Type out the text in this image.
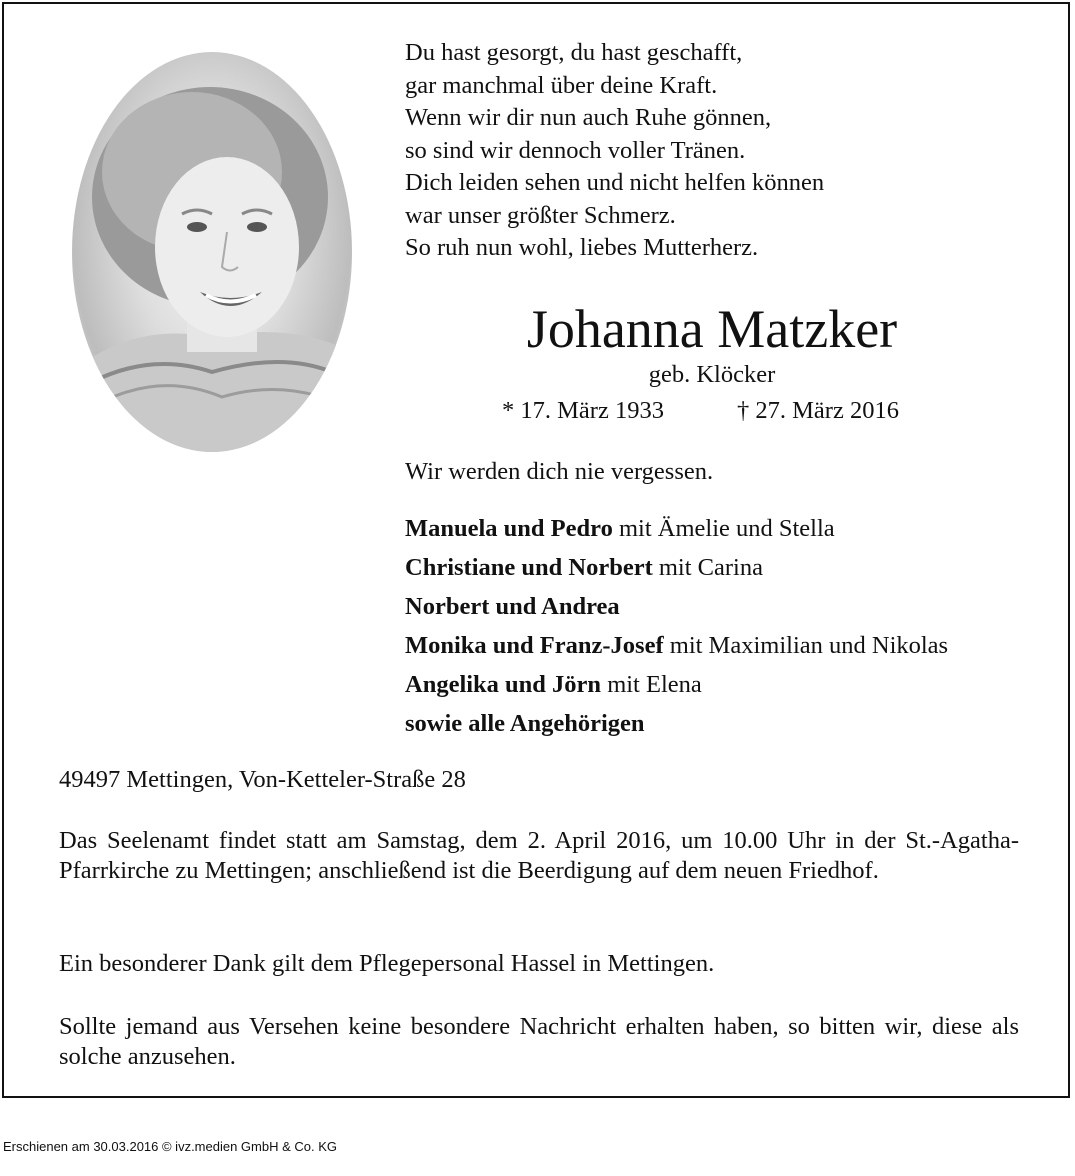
Du hast gesorgt, du hast geschafft,
gar manchmal über deine Kraft.
Wenn wir dir nun auch Ruhe gönnen,
so sind wir dennoch voller Tränen.
Dich leiden sehen und nicht helfen können
war unser größter Schmerz.
So ruh nun wohl, liebes Mutterherz.
Johanna Matzker
geb. Klöcker
* 17. März 1933	† 27. März 2016
Wir werden dich nie vergessen.
Manuela und Pedro mit Ämelie und Stella
Christiane und Norbert mit Carina
Norbert und Andrea
Monika und Franz-Josef mit Maximilian und Nikolas
Angelika und Jörn mit Elena
sowie alle Angehörigen
49497 Mettingen, Von-Ketteler-Straße 28
Das Seelenamt findet statt am Samstag, dem 2. April 2016, um 10.00 Uhr in der St.-Agatha-Pfarrkirche zu Mettingen; anschließend ist die Beerdigung auf dem neuen Friedhof.
Ein besonderer Dank gilt dem Pflegepersonal Hassel in Mettingen.
Sollte jemand aus Versehen keine besondere Nachricht erhalten haben, so bitten wir, diese als solche anzusehen.
Erschienen am 30.03.2016 © ivz.medien GmbH & Co. KG
